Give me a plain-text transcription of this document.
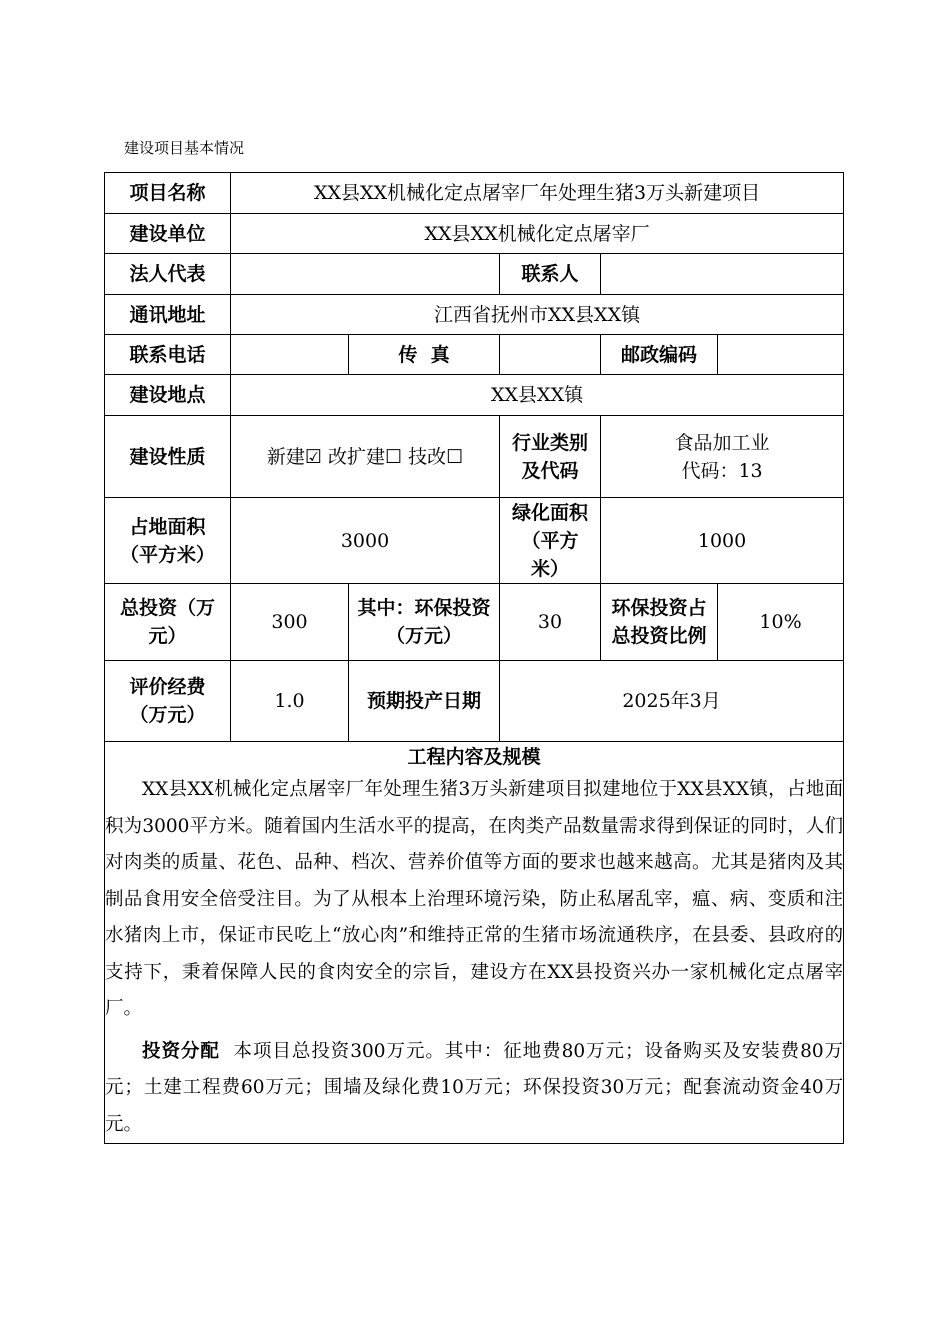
建设项目基本情况
项目名称	XX县XX机械化定点屠宰厂年处理生猪3万头新建项目				
建设单位	XX县XX机械化定点屠宰厂				
法人代表			联系人		
通讯地址	江西省抚州市XX县XX镇				
联系电话		传  真		邮政编码	
建设地点	XX县XX镇				
建设性质	新建☑ 改扩建☐ 技改☐		行业类别及代码	食品加工业
代码：13	

占地面积（平方米）	3000		绿化面积（平方米）	1000	
总投资（万元）	300	其中：环保投资（万元）	30	环保投资占总投资比例	10%
评价经费（万元）	1.0	预期投产日期	2025年3月		

工程内容及规模

XX县XX机械化定点屠宰厂年处理生猪3万头新建项目拟建地位于XX县XX镇，占地面积为3000平方米。随着国内生活水平的提高，在肉类产品数量需求得到保证的同时，人们对肉类的质量、花色、品种、档次、营养价值等方面的要求也越来越高。尤其是猪肉及其制品食用安全倍受注目。为了从根本上治理环境污染，防止私屠乱宰，瘟、病、变质和注水猪肉上市，保证市民吃上“放心肉”和维持正常的生猪市场流通秩序，在县委、县政府的支持下，秉着保障人民的食肉安全的宗旨，建设方在XX县投资兴办一家机械化定点屠宰厂。

投资分配 本项目总投资300万元。其中：征地费80万元；设备购买及安装费80万元；土建工程费60万元；围墙及绿化费10万元；环保投资30万元；配套流动资金40万元。					
